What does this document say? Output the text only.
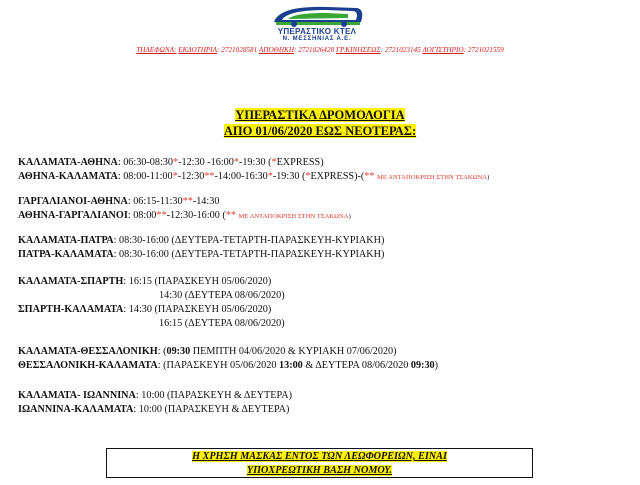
ΥΠΕΡΑΣΤΙΚΟ ΚΤΕΛ
Ν. ΜΕΣΣΗΝΙΑΣ Α.Ε.
ΤΗΛΕΦΩΝΑ: ΕΚΔΟΤΗΡΙΑ: 2721028581 ΑΠΟΘΗΚΗ: 2721026428 ΓΡ.ΚΙΝΗΣΕΩΣ: 2721023145 ΛΟΓΙΣΤΗΡΙΟ: 2721021559
ΥΠΕΡΑΣΤΙΚΑ ΔΡΟΜΟΛΟΓΙΑ
ΑΠΟ 01/06/2020 ΕΩΣ ΝΕΟΤΕΡΑΣ:
ΚΑΛΑΜΑΤΑ-ΑΘΗΝΑ: 06:30-08:30*-12:30 -16:00*-19:30 (*EXPRESS)
ΑΘΗΝΑ-ΚΑΛΑΜΑΤΑ: 08:00-11:00*-12:30**-14:00-16:30*-19:30 (*EXPRESS)-(** ΜΕ ΑΝΤΑΠΟΚΡΙΣΗ ΣΤΗΝ ΤΣΑΚΩΝΑ)
ΓΑΡΓΑΛΙΑΝΟΙ-ΑΘΗΝΑ: 06:15-11:30**-14:30
ΑΘΗΝΑ-ΓΑΡΓΑΛΙΑΝΟΙ: 08:00**-12:30-16:00 (** ΜΕ ΑΝΤΑΠΟΚΡΙΣΗ ΣΤΗΝ ΤΣΑΚΩΝΑ)
ΚΑΛΑΜΑΤΑ-ΠΑΤΡΑ: 08:30-16:00 (ΔΕΥΤΕΡΑ-ΤΕΤΑΡΤΗ-ΠΑΡΑΣΚΕΥΗ-ΚΥΡΙΑΚΗ)
ΠΑΤΡΑ-ΚΑΛΑΜΑΤΑ: 08:30-16:00 (ΔΕΥΤΕΡΑ-ΤΕΤΑΡΤΗ-ΠΑΡΑΣΚΕΥΗ-ΚΥΡΙΑΚΗ)
ΚΑΛΑΜΑΤΑ-ΣΠΑΡΤΗ: 16:15 (ΠΑΡΑΣΚΕΥΗ 05/06/2020)
14:30 (ΔΕΥΤΕΡΑ 08/06/2020)
ΣΠΑΡΤΗ-ΚΑΛΑΜΑΤΑ: 14:30 (ΠΑΡΑΣΚΕΥΗ 05/06/2020)
16:15 (ΔΕΥΤΕΡΑ 08/06/2020)
ΚΑΛΑΜΑΤΑ-ΘΕΣΣΑΛΟΝΙΚΗ: (09:30 ΠΕΜΠΤΗ 04/06/2020 & ΚΥΡΙΑΚΗ 07/06/2020)
ΘΕΣΣΑΛΟΝΙΚΗ-ΚΑΛΑΜΑΤΑ: (ΠΑΡΑΣΚΕΥΗ 05/06/2020 13:00 & ΔΕΥΤΕΡΑ 08/06/2020 09:30)
ΚΑΛΑΜΑΤΑ- ΙΩΑΝΝΙΝΑ: 10:00 (ΠΑΡΑΣΚΕΥΗ & ΔΕΥΤΕΡΑ)
ΙΩΑΝΝΙΝΑ-ΚΑΛΑΜΑΤΑ: 10:00 (ΠΑΡΑΣΚΕΥΗ & ΔΕΥΤΕΡΑ)
Η ΧΡΗΣΗ ΜΑΣΚΑΣ ΕΝΤΟΣ ΤΩΝ ΛΕΩΦΟΡΕΙΩΝ, ΕΙΝΑΙ
ΥΠΟΧΡΕΩΤΙΚΗ ΒΑΣΗ ΝΟΜΟΥ.
